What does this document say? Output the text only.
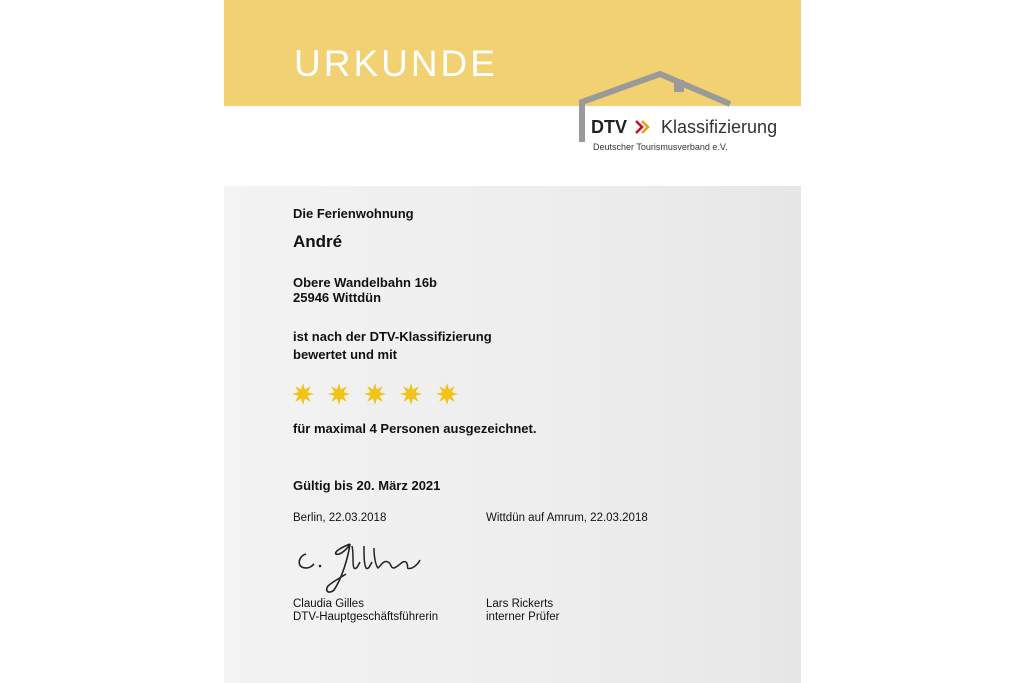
URKUNDE
DTV Klassifizierung
Deutscher Tourismusverband e.V.
Die Ferienwohnung
André
Obere Wandelbahn 16b
25946 Wittdün
ist nach der DTV-Klassifizierung
bewertet und mit
für maximal 4 Personen ausgezeichnet.
Gültig bis 20. März 2021
Berlin, 22.03.2018	Wittdün auf Amrum, 22.03.2018
Claudia Gilles
DTV-Hauptgeschäftsführerin
Lars Rickerts
interner Prüfer
